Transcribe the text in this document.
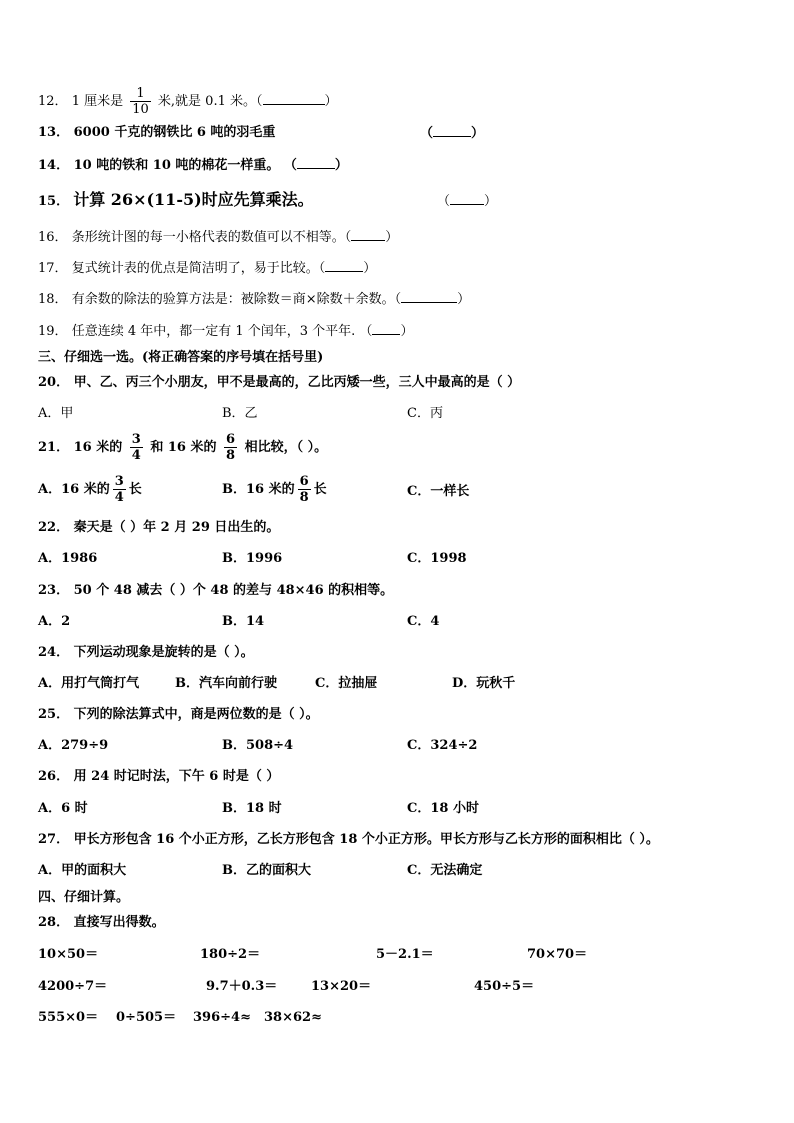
12． 1 厘米是 $\frac{1}{10}$ 米,就是 0.1 米。（	）
13． 6000 千克的钢铁比 6 吨的羽毛重	（	）
14． 10 吨的铁和 10 吨的棉花一样重。 （	）
15． 计算 26×(11-5)时应先算乘法。	（	）
16． 条形统计图的每一小格代表的数值可以不相等。（	）
17． 复式统计表的优点是简洁明了，易于比较。（	）
18． 有余数的除法的验算方法是：被除数＝商×除数＋余数。（	）
19． 任意连续 4 年中，都一定有 1 个闰年，3 个平年. （ ）
三、仔细选一选。(将正确答案的序号填在括号里)
20． 甲、乙、丙三个小朋友，甲不是最高的，乙比丙矮一些，三人中最高的是（ ）
A．甲	B．乙	C．丙
21． 16 米的 $\frac{3}{4}$ 和 16 米的 $\frac{6}{8}$ 相比较，（ ）。
A．16 米的 $\frac{3}{4}$ 长	B．16 米的 $\frac{6}{8}$ 长	C．一样长
22． 秦天是（ ）年 2 月 29 日出生的。
A．1986	B．1996	C．1998
23． 50 个 48 减去（ ）个 48 的差与 48×46 的积相等。
A．2	B．14	C．4
24． 下列运动现象是旋转的是（ ）。
A．用打气筒打气	B．汽车向前行驶	C．拉抽屉	D．玩秋千
25． 下列的除法算式中，商是两位数的是（ ）。
A．279÷9	B．508÷4	C．324÷2
26． 用 24 时记时法，下午 6 时是（ ）
A．6 时	B．18 时	C．18 小时
27． 甲长方形包含 16 个小正方形，乙长方形包含 18 个小正方形。甲长方形与乙长方形的面积相比（ ）。
A．甲的面积大	B．乙的面积大	C．无法确定
四、仔细计算。
28． 直接写出得数。
10×50＝	180÷2＝	5－2.1＝	70×70＝
4200÷7＝	9.7＋0.3＝	13×20＝	450÷5＝
555×0＝ 0÷505＝ 396÷4≈ 38×62≈
